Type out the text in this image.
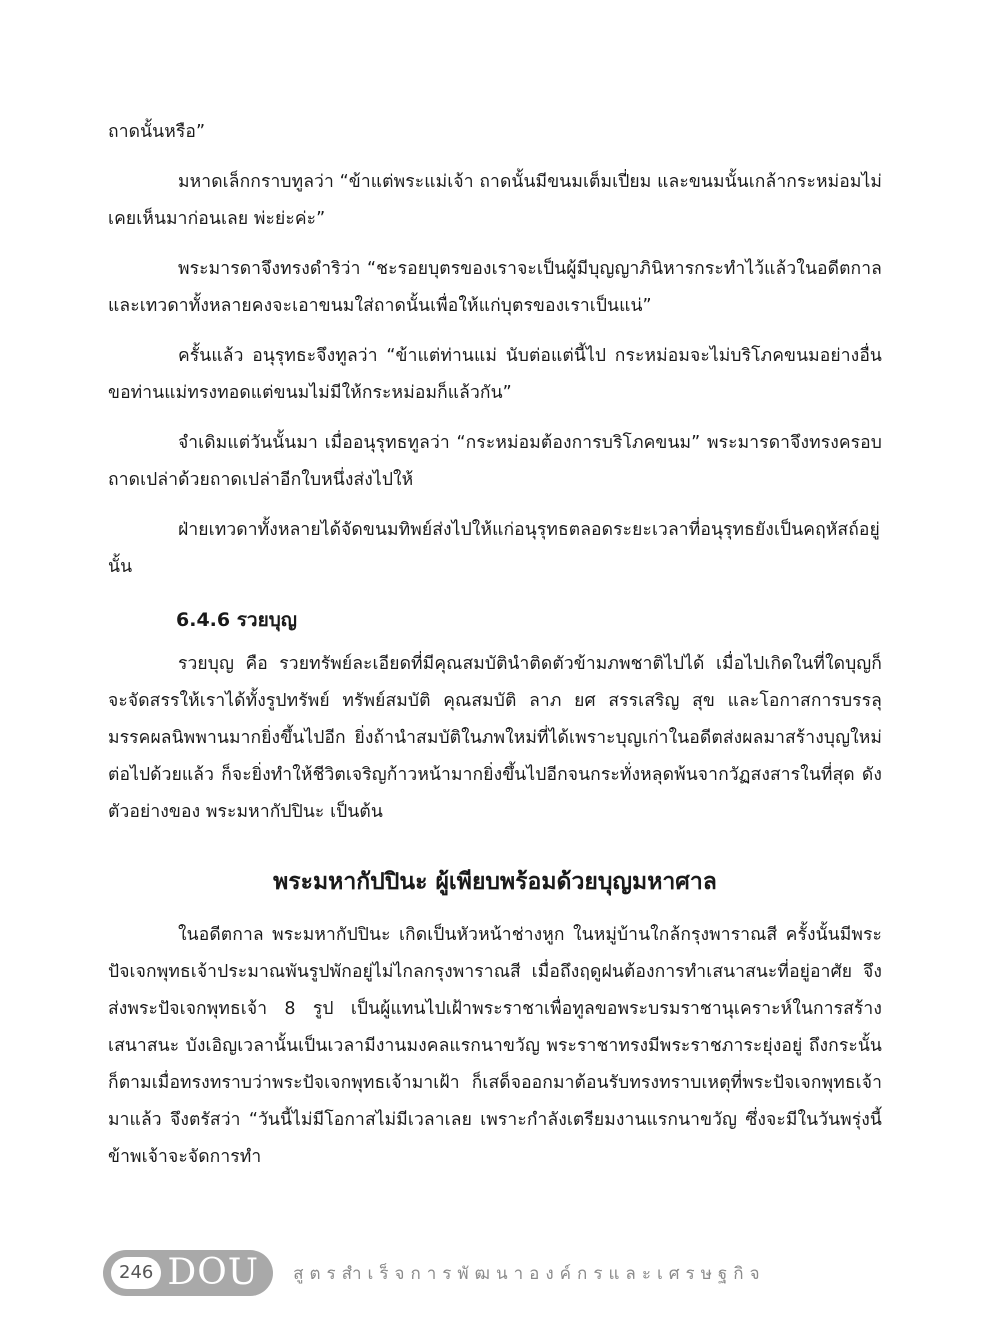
ถาดนั้นหรือ”

มหาดเล็กกราบทูลว่า “ข้าแต่พระแม่เจ้า ถาดนั้นมีขนมเต็มเปี่ยม และขนมนั้นเกล้ากระหม่อมไม่เคยเห็นมาก่อนเลย พ่ะย่ะค่ะ”

พระมารดาจึงทรงดำริว่า “ชะรอยบุตรของเราจะเป็นผู้มีบุญญาภินิหารกระทำไว้แล้วในอดีตกาล และเทวดาทั้งหลายคงจะเอาขนมใส่ถาดนั้นเพื่อให้แก่บุตรของเราเป็นแน่”

ครั้นแล้ว อนุรุทธะจึงทูลว่า “ข้าแต่ท่านแม่ นับต่อแต่นี้ไป กระหม่อมจะไม่บริโภคขนมอย่างอื่น ขอท่านแม่ทรงทอดแต่ขนมไม่มีให้กระหม่อมก็แล้วกัน”

จำเดิมแต่วันนั้นมา เมื่ออนุรุทธทูลว่า “กระหม่อมต้องการบริโภคขนม” พระมารดาจึงทรงครอบถาดเปล่าด้วยถาดเปล่าอีกใบหนึ่งส่งไปให้

ฝ่ายเทวดาทั้งหลายได้จัดขนมทิพย์ส่งไปให้แก่อนุรุทธตลอดระยะเวลาที่อนุรุทธยังเป็นคฤหัสถ์อยู่นั้น

6.4.6 รวยบุญ

รวยบุญ คือ รวยทรัพย์ละเอียดที่มีคุณสมบัตินำติดตัวข้ามภพชาติไปได้ เมื่อไปเกิดในที่ใดบุญก็จะจัดสรรให้เราได้ทั้งรูปทรัพย์ ทรัพย์สมบัติ คุณสมบัติ ลาภ ยศ สรรเสริญ สุข และโอกาสการบรรลุมรรคผลนิพพานมากยิ่งขึ้นไปอีก ยิ่งถ้านำสมบัติในภพใหม่ที่ได้เพราะบุญเก่าในอดีตส่งผลมาสร้างบุญใหม่ต่อไปด้วยแล้ว ก็จะยิ่งทำให้ชีวิตเจริญก้าวหน้ามากยิ่งขึ้นไปอีกจนกระทั่งหลุดพ้นจากวัฏสงสารในที่สุด ดังตัวอย่างของ พระมหากัปปินะ เป็นต้น

พระมหากัปปินะ ผู้เพียบพร้อมด้วยบุญมหาศาล

ในอดีตกาล พระมหากัปปินะ เกิดเป็นหัวหน้าช่างหูก ในหมู่บ้านใกล้กรุงพาราณสี ครั้งนั้นมีพระปัจเจกพุทธเจ้าประมาณพันรูปพักอยู่ไม่ไกลกรุงพาราณสี เมื่อถึงฤดูฝนต้องการทำเสนาสนะที่อยู่อาศัย จึงส่งพระปัจเจกพุทธเจ้า 8 รูป เป็นผู้แทนไปเฝ้าพระราชาเพื่อทูลขอพระบรมราชานุเคราะห์ในการสร้างเสนาสนะ บังเอิญเวลานั้นเป็นเวลามีงานมงคลแรกนาขวัญ พระราชาทรงมีพระราชภาระยุ่งอยู่ ถึงกระนั้นก็ตามเมื่อทรงทราบว่าพระปัจเจกพุทธเจ้ามาเฝ้า ก็เสด็จออกมาต้อนรับทรงทราบเหตุที่พระปัจเจกพุทธเจ้ามาแล้ว จึงตรัสว่า “วันนี้ไม่มีโอกาสไม่มีเวลาเลย เพราะกำลังเตรียมงานแรกนาขวัญ ซึ่งจะมีในวันพรุ่งนี้ ข้าพเจ้าจะจัดการทำ

246 DOU สูตรสำเร็จการพัฒนาองค์กรและเศรษฐกิจ
